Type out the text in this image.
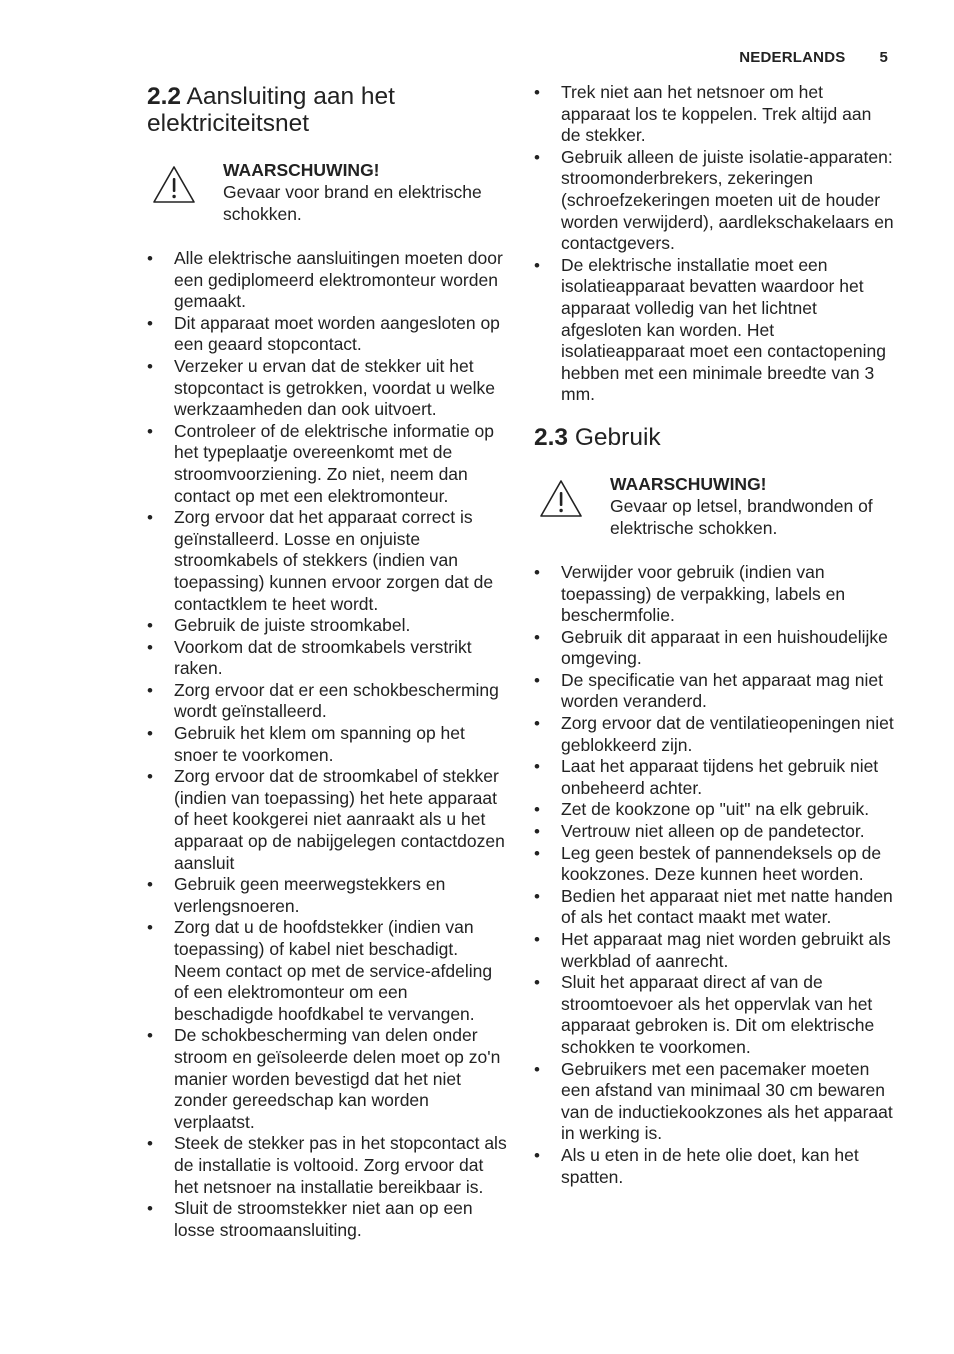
NEDERLANDS 5
2.2 Aansluiting aan het elektriciteitsnet
WAARSCHUWING!
Gevaar voor brand en elektrische schokken.
• Alle elektrische aansluitingen moeten door een gediplomeerd elektromonteur worden gemaakt.
• Dit apparaat moet worden aangesloten op een geaard stopcontact.
• Verzeker u ervan dat de stekker uit het stopcontact is getrokken, voordat u welke werkzaamheden dan ook uitvoert.
• Controleer of de elektrische informatie op het typeplaatje overeenkomt met de stroomvoorziening. Zo niet, neem dan contact op met een elektromonteur.
• Zorg ervoor dat het apparaat correct is geïnstalleerd. Losse en onjuiste stroomkabels of stekkers (indien van toepassing) kunnen ervoor zorgen dat de contactklem te heet wordt.
• Gebruik de juiste stroomkabel.
• Voorkom dat de stroomkabels verstrikt raken.
• Zorg ervoor dat er een schokbescherming wordt geïnstalleerd.
• Gebruik het klem om spanning op het snoer te voorkomen.
• Zorg ervoor dat de stroomkabel of stekker (indien van toepassing) het hete apparaat of heet kookgerei niet aanraakt als u het apparaat op de nabijgelegen contactdozen aansluit
• Gebruik geen meerwegstekkers en verlengsnoeren.
• Zorg dat u de hoofdstekker (indien van toepassing) of kabel niet beschadigt. Neem contact op met de service-afdeling of een elektromonteur om een beschadigde hoofdkabel te vervangen.
• De schokbescherming van delen onder stroom en geïsoleerde delen moet op zo'n manier worden bevestigd dat het niet zonder gereedschap kan worden verplaatst.
• Steek de stekker pas in het stopcontact als de installatie is voltooid. Zorg ervoor dat het netsnoer na installatie bereikbaar is.
• Sluit de stroomstekker niet aan op een losse stroomaansluiting.
• Trek niet aan het netsnoer om het apparaat los te koppelen. Trek altijd aan de stekker.
• Gebruik alleen de juiste isolatie-apparaten: stroomonderbrekers, zekeringen (schroefzekeringen moeten uit de houder worden verwijderd), aardlekschakelaars en contactgevers.
• De elektrische installatie moet een isolatieapparaat bevatten waardoor het apparaat volledig van het lichtnet afgesloten kan worden. Het isolatieapparaat moet een contactopening hebben met een minimale breedte van 3 mm.
2.3 Gebruik
WAARSCHUWING!
Gevaar op letsel, brandwonden of elektrische schokken.
• Verwijder voor gebruik (indien van toepassing) de verpakking, labels en beschermfolie.
• Gebruik dit apparaat in een huishoudelijke omgeving.
• De specificatie van het apparaat mag niet worden veranderd.
• Zorg ervoor dat de ventilatieopeningen niet geblokkeerd zijn.
• Laat het apparaat tijdens het gebruik niet onbeheerd achter.
• Zet de kookzone op "uit" na elk gebruik.
• Vertrouw niet alleen op de pandetector.
• Leg geen bestek of pannendeksels op de kookzones. Deze kunnen heet worden.
• Bedien het apparaat niet met natte handen of als het contact maakt met water.
• Het apparaat mag niet worden gebruikt als werkblad of aanrecht.
• Sluit het apparaat direct af van de stroomtoevoer als het oppervlak van het apparaat gebroken is. Dit om elektrische schokken te voorkomen.
• Gebruikers met een pacemaker moeten een afstand van minimaal 30 cm bewaren van de inductiekookzones als het apparaat in werking is.
• Als u eten in de hete olie doet, kan het spatten.
